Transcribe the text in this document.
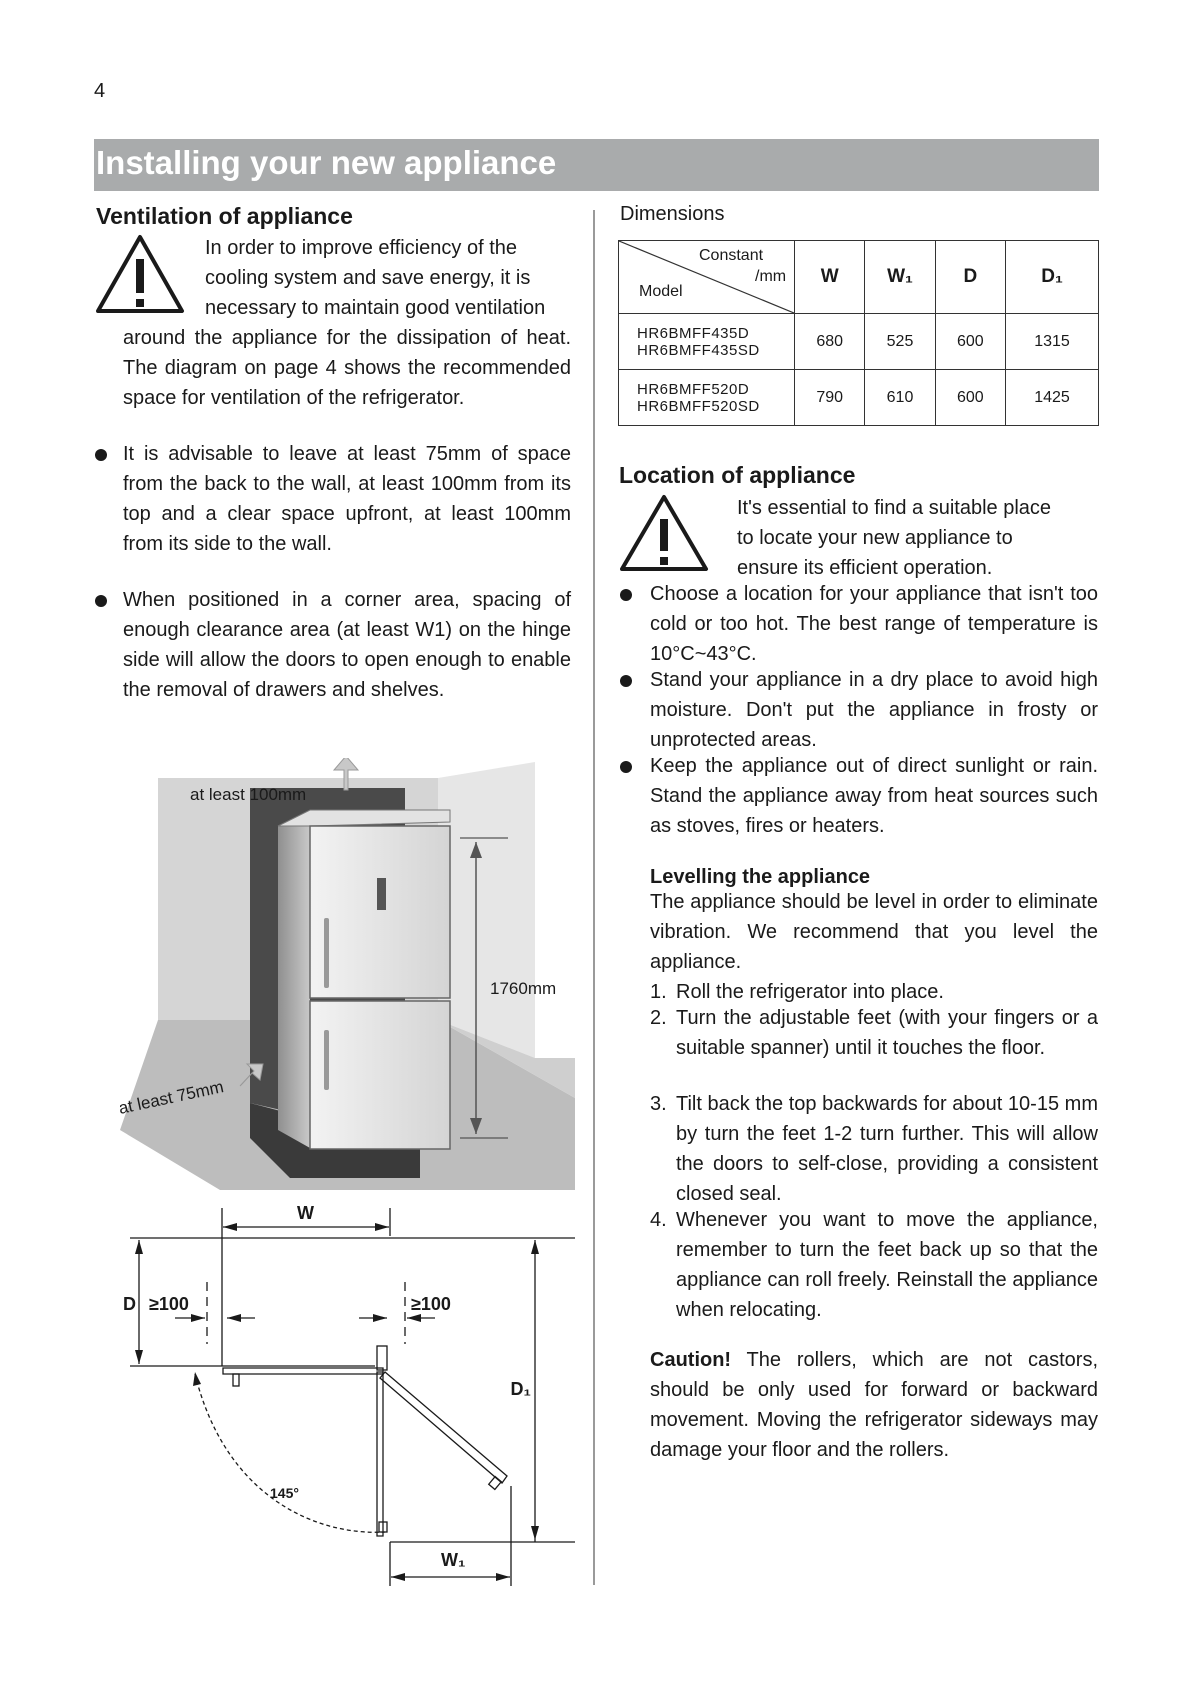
4
Installing your new appliance
Ventilation of appliance
In order to improve efficiency of the
cooling system and save energy, it is
necessary to maintain good ventilation
around the appliance for the dissipation of heat. The diagram on page 4 shows the recommended space for ventilation of the refrigerator.
It is advisable to leave at least 75mm of space from the back to the wall, at least 100mm from its top and a clear space upfront, at least 100mm from its side to the wall.
When positioned in a corner area, spacing of enough clearance area (at least W1) on the hinge side will allow the doors to open enough to enable the removal of drawers and shelves.
at least 100mm
at least 75mm
1760mm
W
D ≥100	≥100
D₁
145°
W₁
Dimensions
Constant
/mm
Model	W	W₁	D	D₁

HR6BMFF435D
HR6BMFF435SD	680	525	600	1315

HR6BMFF520D
HR6BMFF520SD	790	610	600	1425
Location of appliance
It's essential to find a suitable place
to locate your new appliance to
ensure its efficient operation.
Choose a location for your appliance that isn't too cold or too hot. The best range of temperature is 10°C~43°C.
Stand your appliance in a dry place to avoid high moisture. Don't put the appliance in frosty or unprotected areas.
Keep the appliance out of direct sunlight or rain. Stand the appliance away from heat sources such as stoves, fires or heaters.
Levelling the appliance
The appliance should be level in order to eliminate vibration. We recommend that you level the appliance.
1. Roll the refrigerator into place.
2. Turn the adjustable feet (with your fingers or a suitable spanner) until it touches the floor.
3. Tilt back the top backwards for about 10-15 mm by turn the feet 1-2 turn further. This will allow the doors to self-close, providing a consistent closed seal.
4. Whenever you want to move the appliance, remember to turn the feet back up so that the appliance can roll freely. Reinstall the appliance when relocating.
Caution! The rollers, which are not castors, should be only used for forward or backward movement. Moving the refrigerator sideways may damage your floor and the rollers.
